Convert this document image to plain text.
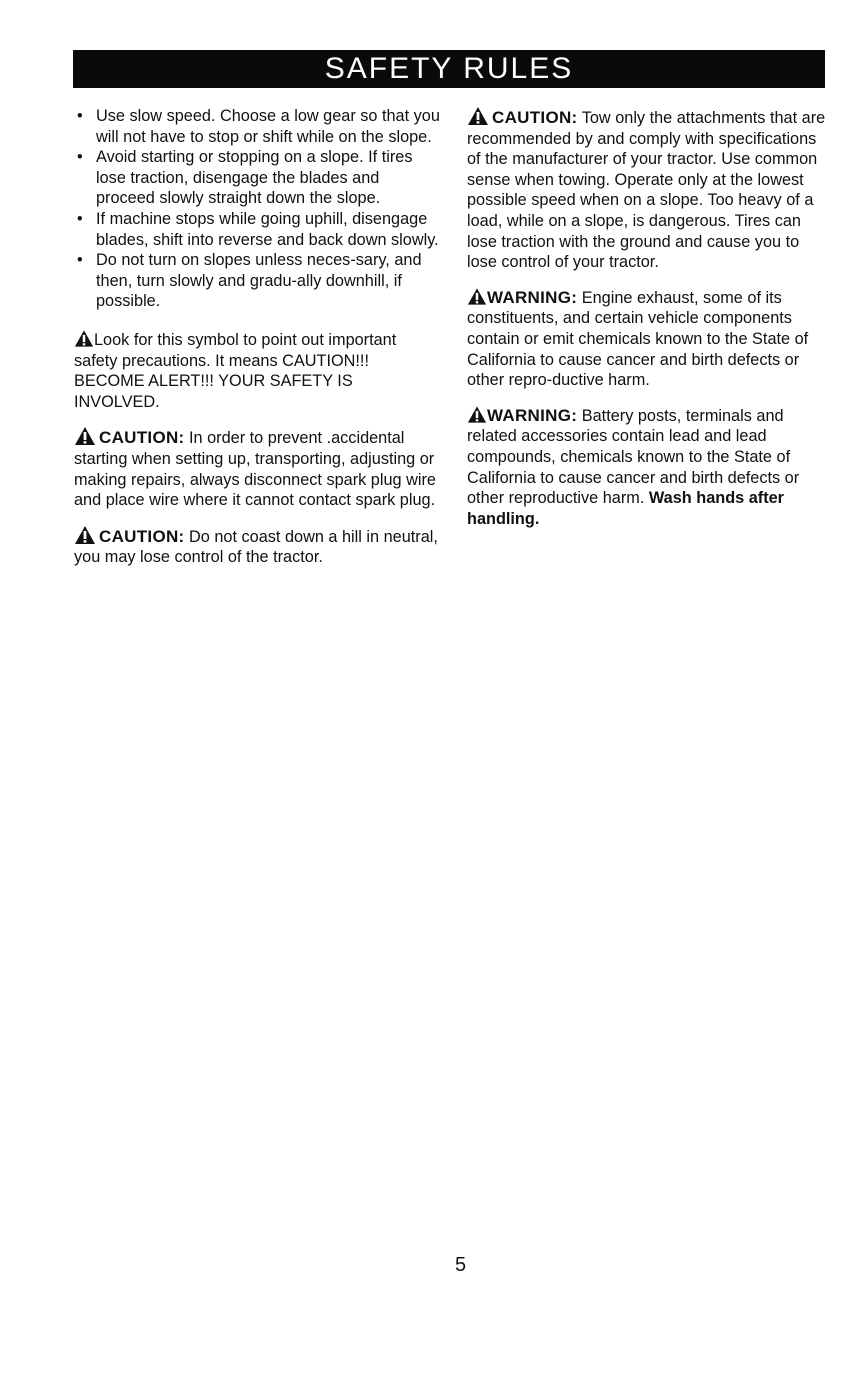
SAFETY RULES
• Use slow speed. Choose a low gear so that you will not have to stop or shift while on the slope.
• Avoid starting or stopping on a slope. If tires lose traction, disengage the blades and proceed slowly straight down the slope.
• If machine stops while going uphill, disengage blades, shift into reverse and back down slowly.
• Do not turn on slopes unless neces-sary, and then, turn slowly and gradu-ally downhill, if possible.

Look for this symbol to point out important safety precautions. It means CAUTION!!! BECOME ALERT!!! YOUR SAFETY IS INVOLVED.

CAUTION: In order to prevent .accidental starting when setting up, transporting, adjusting or making repairs, always disconnect spark plug wire and place wire where it cannot contact spark plug.

CAUTION: Do not coast down a hill in neutral, you may lose control of the tractor.

CAUTION: Tow only the attachments that are recommended by and comply with specifications of the manufacturer of your tractor. Use common sense when towing. Operate only at the lowest possible speed when on a slope. Too heavy of a load, while on a slope, is dangerous. Tires can lose traction with the ground and cause you to lose control of your tractor.

WARNING: Engine exhaust, some of its constituents, and certain vehicle components contain or emit chemicals known to the State of California to cause cancer and birth defects or other repro-ductive harm.

WARNING: Battery posts, terminals and related accessories contain lead and lead compounds, chemicals known to the State of California to cause cancer and birth defects or other reproductive harm. Wash hands after handling.

5
